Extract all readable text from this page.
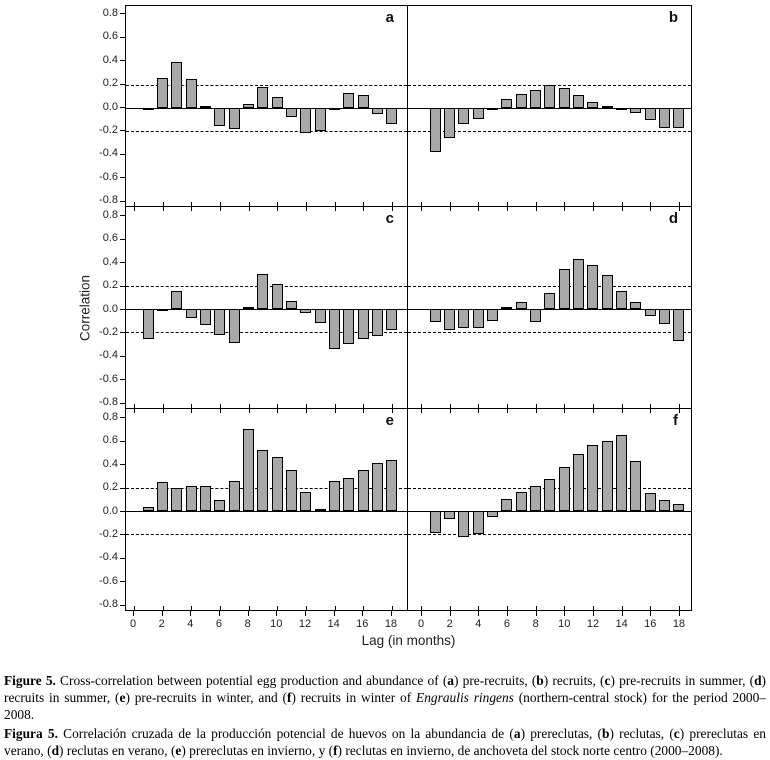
Correlation
a	b
c	d
e	f
0.8
0.6
0.4
0.2
0.0
-0.2
-0.4
-0.6
-0.8
0.8
0.6
0.4
0.2
0.0
-0.2
-0.4
-0.6
-0.8
0.8
0.6
0.4
0.2
0.0
-0.2
-0.4
-0.6
-0.8
0	2	4	6	8	10	12	14	16	18	0	2	4	6	8	10	12	14	16	18
Lag (in months)

Figure 5. Cross-correlation between potential egg production and abundance of (a) pre-recruits, (b) recruits, (c) pre-recruits in summer, (d) recruits in summer, (e) pre-recruits in winter, and (f) recruits in winter of Engraulis ringens (northern-central stock) for the period 2000–2008.

Figura 5. Correlación cruzada de la producción potencial de huevos on la abundancia de (a) prereclutas, (b) reclutas, (c) prereclutas en verano, (d) reclutas en verano, (e) prereclutas en invierno, y (f) reclutas en invierno, de anchoveta del stock norte centro (2000–2008).
